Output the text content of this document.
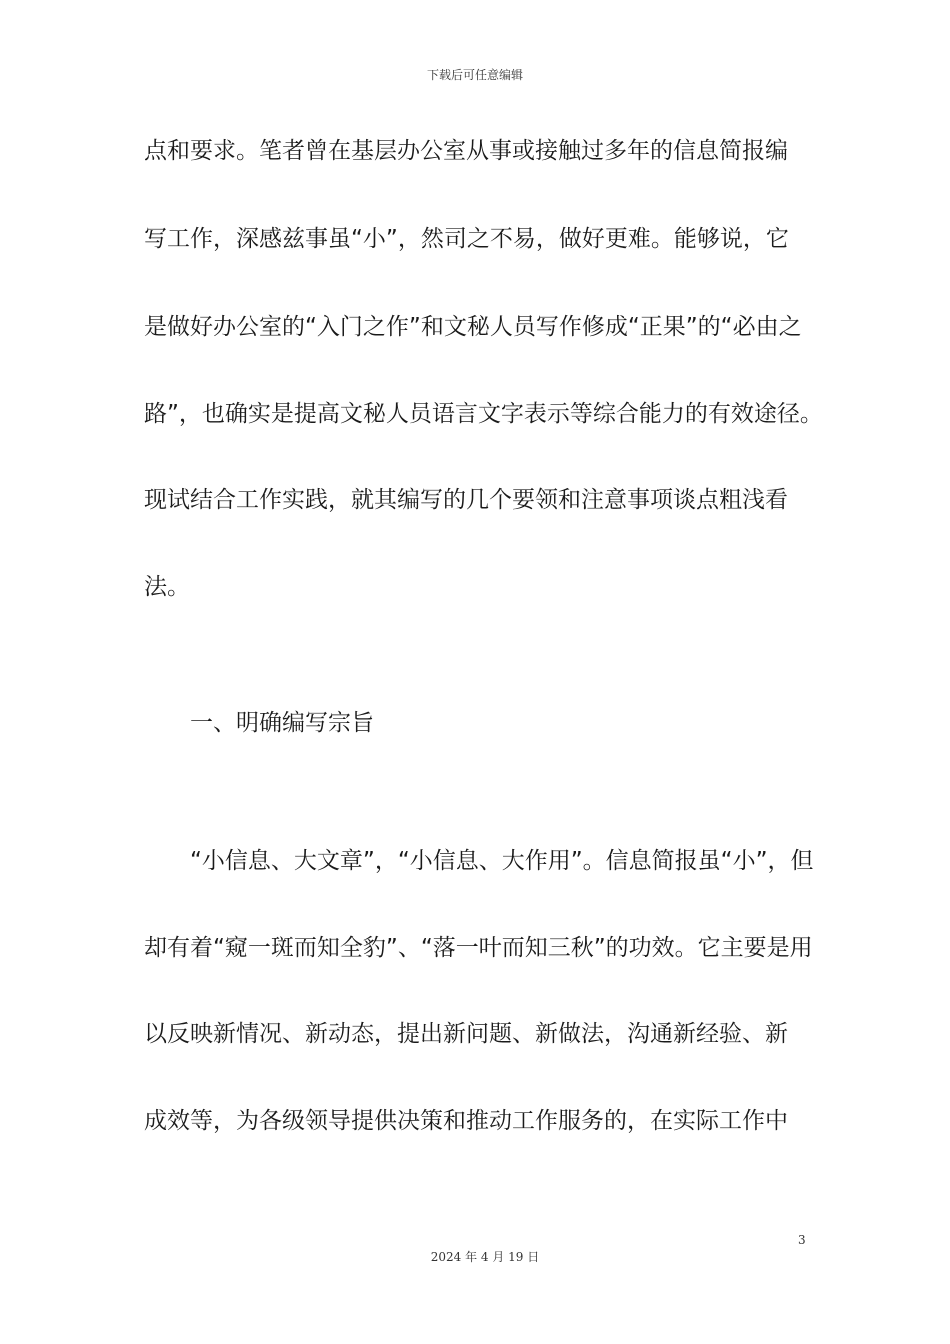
下载后可任意编辑
点和要求。笔者曾在基层办公室从事或接触过多年的信息简报编
写工作，深感兹事虽“小”，然司之不易，做好更难。能够说，它
是做好办公室的“入门之作”和文秘人员写作修成“正果”的“必由之
路”，也确实是提高文秘人员语言文字表示等综合能力的有效途径。
现试结合工作实践，就其编写的几个要领和注意事项谈点粗浅看
法。
一、明确编写宗旨
“小信息、大文章”，“小信息、大作用”。信息简报虽“小”，但
却有着“窥一斑而知全豹”、“落一叶而知三秋”的功效。它主要是用
以反映新情况、新动态，提出新问题、新做法，沟通新经验、新
成效等，为各级领导提供决策和推动工作服务的，在实际工作中
3
2024 年 4 月 19 日
